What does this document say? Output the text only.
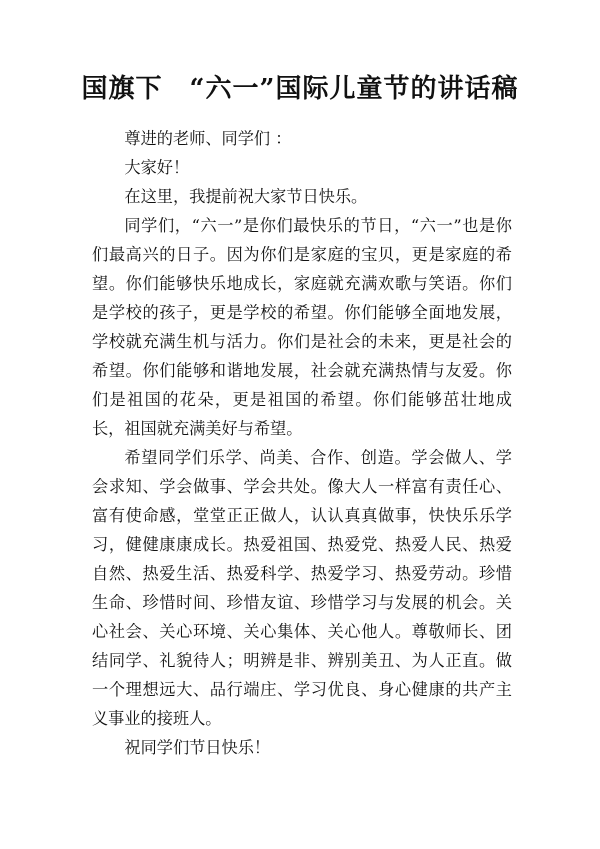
国旗下　“六一”国际儿童节的讲话稿

尊进的老师、同学们 ：

大家好！

在这里，我提前祝大家节日快乐。

同学们，“六一”是你们最快乐的节日，“六一”也是你们最高兴的日子。因为你们是家庭的宝贝，更是家庭的希望。你们能够快乐地成长，家庭就充满欢歌与笑语。你们是学校的孩子，更是学校的希望。你们能够全面地发展，学校就充满生机与活力。你们是社会的未来，更是社会的希望。你们能够和谐地发展，社会就充满热情与友爱。你们是祖国的花朵，更是祖国的希望。你们能够茁壮地成长，祖国就充满美好与希望。

希望同学们乐学、尚美、合作、创造。学会做人、学会求知、学会做事、学会共处。像大人一样富有责任心、富有使命感，堂堂正正做人，认认真真做事，快快乐乐学习，健健康康成长。热爱祖国、热爱党、热爱人民、热爱自然、热爱生活、热爱科学、热爱学习、热爱劳动。珍惜生命、珍惜时间、珍惜友谊、珍惜学习与发展的机会。关心社会、关心环境、关心集体、关心他人。尊敬师长、团结同学、礼貌待人；明辨是非、辨别美丑、为人正直。做一个理想远大、品行端庄、学习优良、身心健康的共产主义事业的接班人。

祝同学们节日快乐！
